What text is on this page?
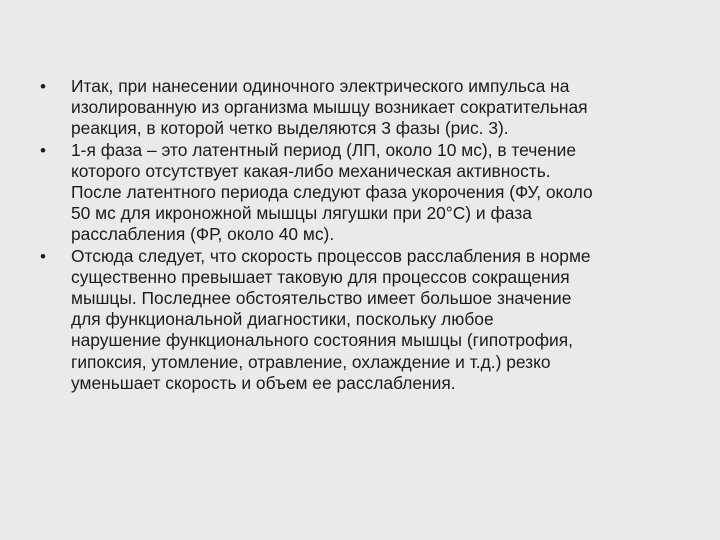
•	Итак, при нанесении одиночного электрического импульса на
изолированную из организма мышцу возникает сократительная
реакция, в которой четко выделяются 3 фазы (рис. 3).
•	1-я фаза – это латентный период (ЛП, около 10 мс), в течение
которого отсутствует какая-либо механическая активность.
После латентного периода следуют фаза укорочения (ФУ, около
50 мс для икроножной мышцы лягушки при 20°С) и фаза
расслабления (ФР, около 40 мс).
•	Отсюда следует, что скорость процессов расслабления в норме
существенно превышает таковую для процессов сокращения
мышцы. Последнее обстоятельство имеет большое значение
для функциональной диагностики, поскольку любое
нарушение функционального состояния мышцы (гипотрофия,
гипоксия, утомление, отравление, охлаждение и т.д.) резко
уменьшает скорость и объем ее расслабления.
